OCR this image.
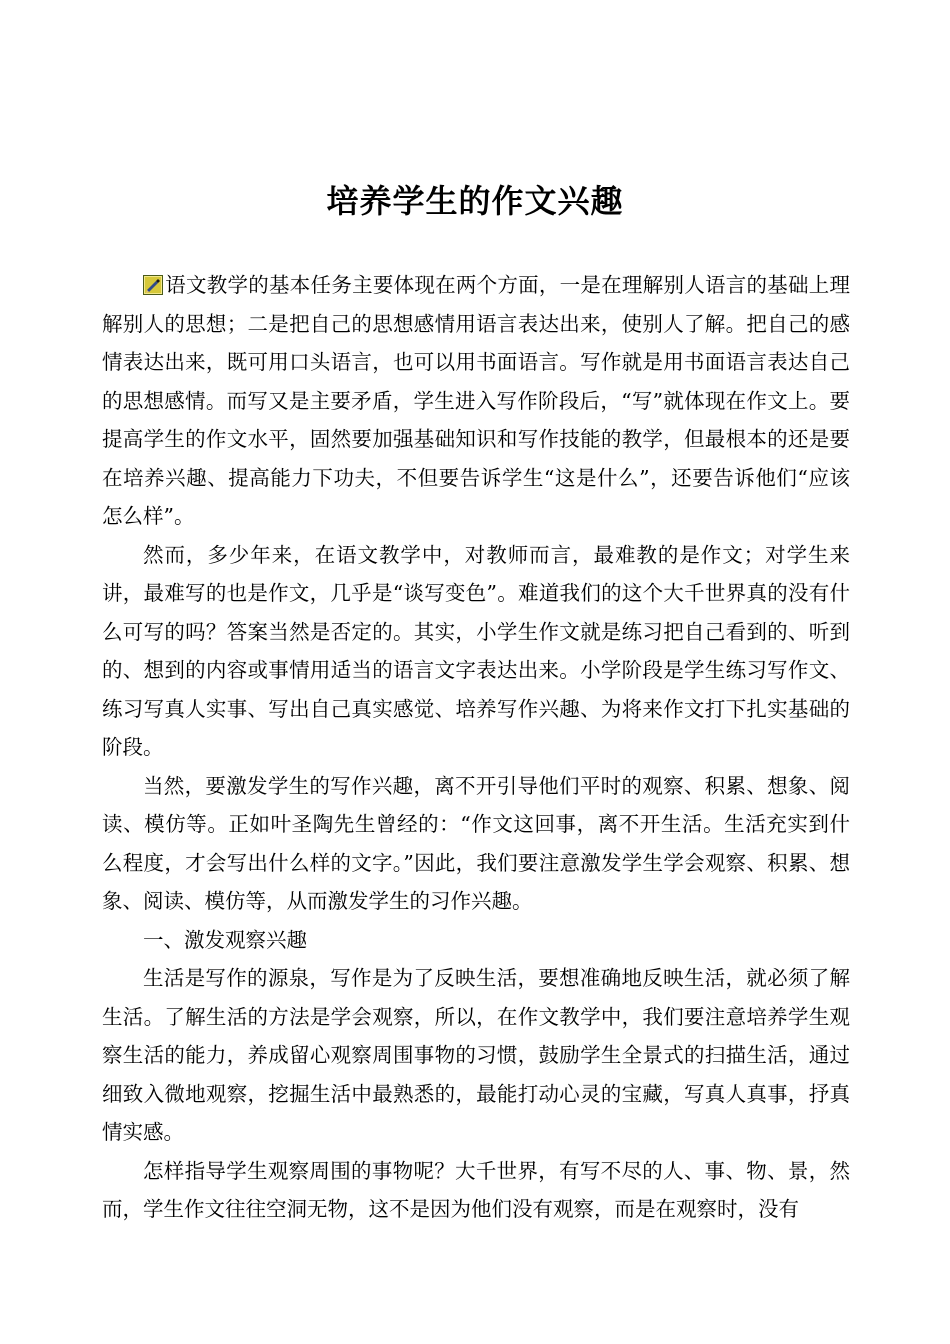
培养学生的作文兴趣

语文教学的基本任务主要体现在两个方面，一是在理解别人语言的基础上理解别人的思想；二是把自己的思想感情用语言表达出来，使别人了解。把自己的感情表达出来，既可用口头语言，也可以用书面语言。写作就是用书面语言表达自己的思想感情。而写又是主要矛盾，学生进入写作阶段后，“写”就体现在作文上。要提高学生的作文水平，固然要加强基础知识和写作技能的教学，但最根本的还是要在培养兴趣、提高能力下功夫，不但要告诉学生“这是什么”，还要告诉他们“应该怎么样”。

然而，多少年来，在语文教学中，对教师而言，最难教的是作文；对学生来讲，最难写的也是作文，几乎是“谈写变色”。难道我们的这个大千世界真的没有什么可写的吗？答案当然是否定的。其实，小学生作文就是练习把自己看到的、听到的、想到的内容或事情用适当的语言文字表达出来。小学阶段是学生练习写作文、练习写真人实事、写出自己真实感觉、培养写作兴趣、为将来作文打下扎实基础的阶段。

当然，要激发学生的写作兴趣，离不开引导他们平时的观察、积累、想象、阅读、模仿等。正如叶圣陶先生曾经的：“作文这回事，离不开生活。生活充实到什么程度，才会写出什么样的文字。”因此，我们要注意激发学生学会观察、积累、想象、阅读、模仿等，从而激发学生的习作兴趣。

一、激发观察兴趣

生活是写作的源泉，写作是为了反映生活，要想准确地反映生活，就必须了解生活。了解生活的方法是学会观察，所以，在作文教学中，我们要注意培养学生观察生活的能力，养成留心观察周围事物的习惯，鼓励学生全景式的扫描生活，通过细致入微地观察，挖掘生活中最熟悉的，最能打动心灵的宝藏，写真人真事，抒真情实感。

怎样指导学生观察周围的事物呢？大千世界，有写不尽的人、事、物、景，然而，学生作文往往空洞无物，这不是因为他们没有观察，而是在观察时，没有
